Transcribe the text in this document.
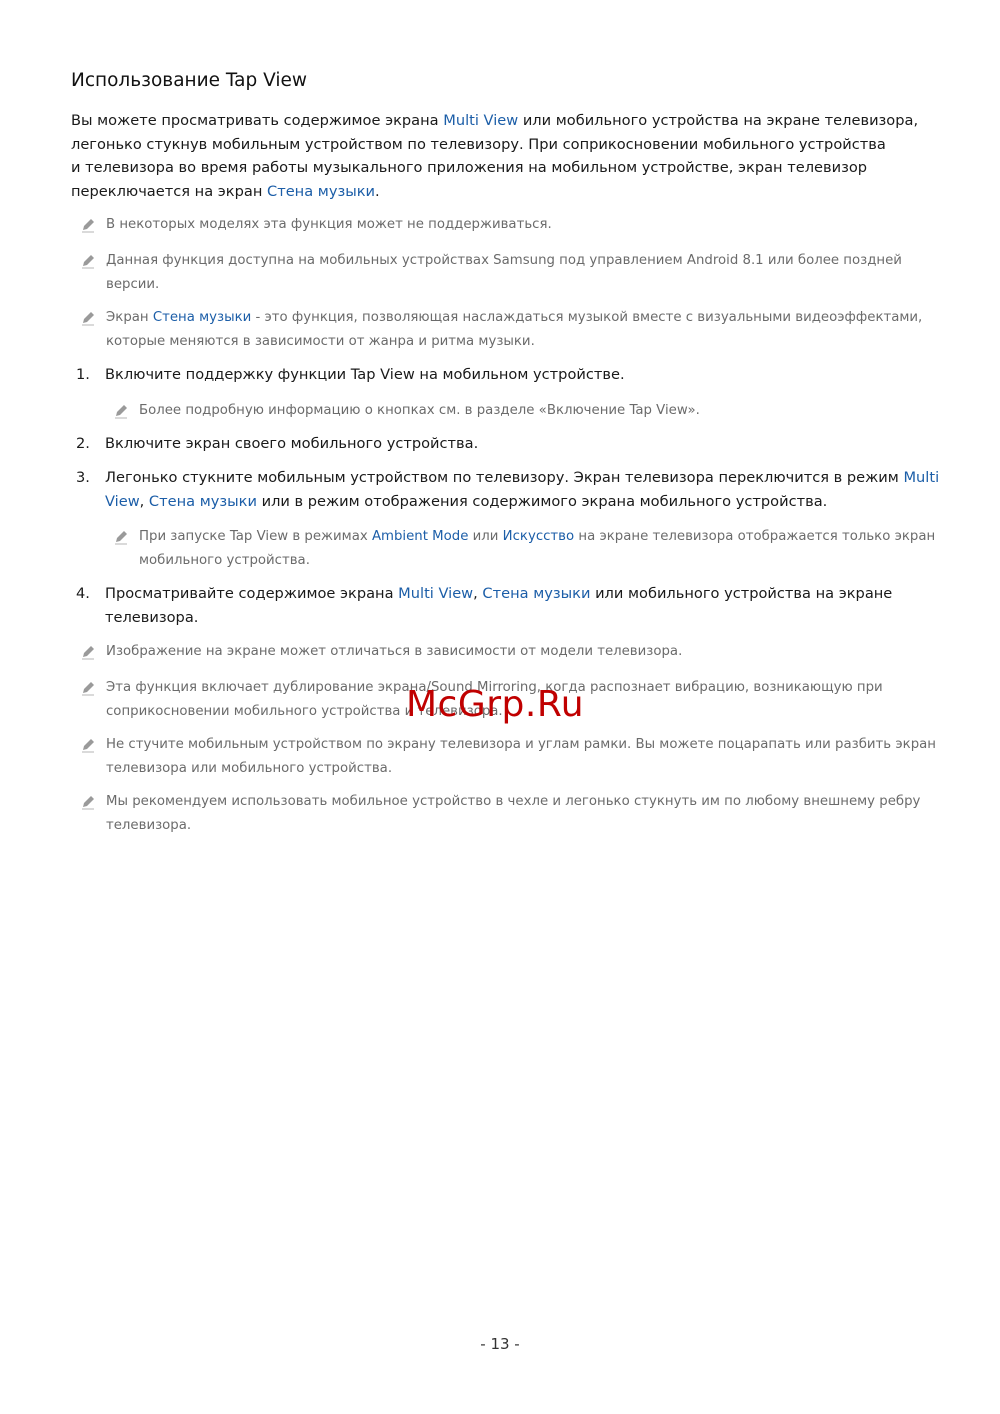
Использование Tap View
Вы можете просматривать содержимое экрана Multi View или мобильного устройства на экране телевизора,
легонько стукнув мобильным устройством по телевизору. При соприкосновении мобильного устройства
и телевизора во время работы музыкального приложения на мобильном устройстве, экран телевизор
переключается на экран Стена музыки.
В некоторых моделях эта функция может не поддерживаться.
Данная функция доступна на мобильных устройствах Samsung под управлением Android 8.1 или более поздней
версии.
Экран Стена музыки - это функция, позволяющая наслаждаться музыкой вместе с визуальными видеоэффектами,
которые меняются в зависимости от жанра и ритма музыки.
1. Включите поддержку функции Tap View на мобильном устройстве.
Более подробную информацию о кнопках см. в разделе «Включение Tap View».
2. Включите экран своего мобильного устройства.
3. Легонько стукните мобильным устройством по телевизору. Экран телевизора переключится в режим Multi
View, Стена музыки или в режим отображения содержимого экрана мобильного устройства.
При запуске Tap View в режимах Ambient Mode или Искусство на экране телевизора отображается только экран
мобильного устройства.
4. Просматривайте содержимое экрана Multi View, Стена музыки или мобильного устройства на экране
телевизора.
Изображение на экране может отличаться в зависимости от модели телевизора.
Эта функция включает дублирование экрана/Sound Mirroring, когда распознает вибрацию, возникающую при
соприкосновении мобильного устройства и телевизора.
Не стучите мобильным устройством по экрану телевизора и углам рамки. Вы можете поцарапать или разбить экран
телевизора или мобильного устройства.
Мы рекомендуем использовать мобильное устройство в чехле и легонько стукнуть им по любому внешнему ребру
телевизора.
McGrp.Ru
- 13 -
